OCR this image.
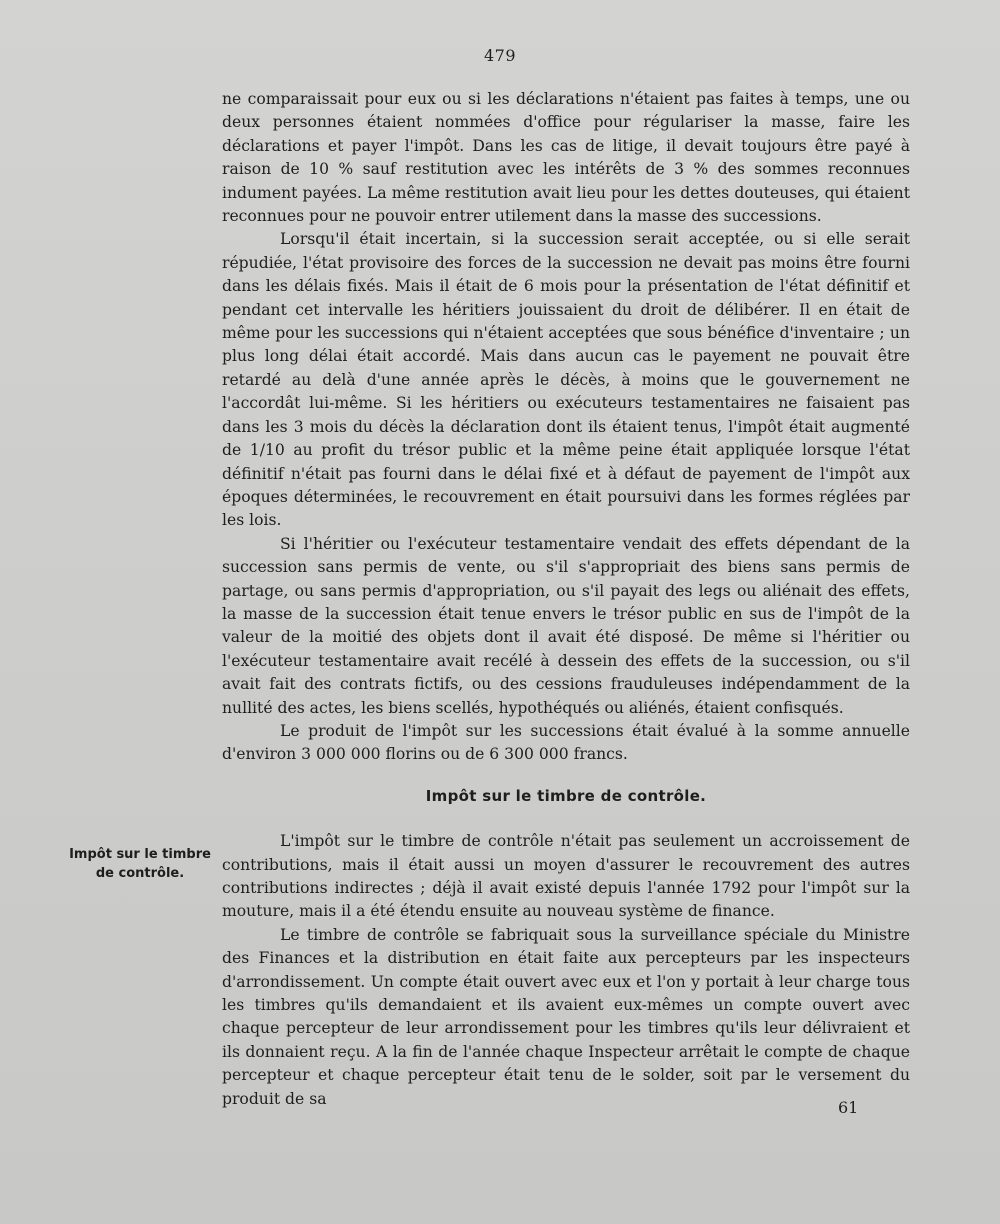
479

ne comparaissait pour eux ou si les déclarations n'étaient pas faites à temps, une ou deux personnes étaient nommées d'office pour régulariser la masse, faire les déclarations et payer l'impôt. Dans les cas de litige, il devait toujours être payé à raison de 10 % sauf restitution avec les intérêts de 3 % des sommes reconnues indument payées. La même restitution avait lieu pour les dettes douteuses, qui étaient reconnues pour ne pouvoir entrer utilement dans la masse des successions.

Lorsqu'il était incertain, si la succession serait acceptée, ou si elle serait répudiée, l'état provisoire des forces de la succession ne devait pas moins être fourni dans les délais fixés. Mais il était de 6 mois pour la présentation de l'état définitif et pendant cet intervalle les héritiers jouissaient du droit de délibérer. Il en était de même pour les successions qui n'étaient acceptées que sous bénéfice d'inventaire ; un plus long délai était accordé. Mais dans aucun cas le payement ne pouvait être retardé au delà d'une année après le décès, à moins que le gouvernement ne l'accordât lui-même. Si les héritiers ou exécuteurs testamentaires ne faisaient pas dans les 3 mois du décès la déclaration dont ils étaient tenus, l'impôt était augmenté de 1/10 au profit du trésor public et la même peine était appliquée lorsque l'état définitif n'était pas fourni dans le délai fixé et à défaut de payement de l'impôt aux époques déterminées, le recouvrement en était poursuivi dans les formes réglées par les lois.

Si l'héritier ou l'exécuteur testamentaire vendait des effets dépendant de la succession sans permis de vente, ou s'il s'appropriait des biens sans permis de partage, ou sans permis d'appropriation, ou s'il payait des legs ou aliénait des effets, la masse de la succession était tenue envers le trésor public en sus de l'impôt de la valeur de la moitié des objets dont il avait été disposé. De même si l'héritier ou l'exécuteur testamentaire avait recélé à dessein des effets de la succession, ou s'il avait fait des contrats fictifs, ou des cessions frauduleuses indépendamment de la nullité des actes, les biens scellés, hypothéqués ou aliénés, étaient confisqués.

Le produit de l'impôt sur les successions était évalué à la somme annuelle d'environ 3 000 000 florins ou de 6 300 000 francs.

Impôt sur le timbre de contrôle.

L'impôt sur le timbre de contrôle n'était pas seulement un accroissement de contributions, mais il était aussi un moyen d'assurer le recouvrement des autres contributions indirectes ; déjà il avait existé depuis l'année 1792 pour l'impôt sur la mouture, mais il a été étendu ensuite au nouveau système de finance.

Le timbre de contrôle se fabriquait sous la surveillance spéciale du Ministre des Finances et la distribution en était faite aux percepteurs par les inspecteurs d'arrondissement. Un compte était ouvert avec eux et l'on y portait à leur charge tous les timbres qu'ils demandaient et ils avaient eux-mêmes un compte ouvert avec chaque percepteur de leur arrondissement pour les timbres qu'ils leur délivraient et ils donnaient reçu. A la fin de l'année chaque Inspecteur arrêtait le compte de chaque percepteur et chaque percepteur était tenu de le solder, soit par le versement du produit de sa

Impôt sur le timbre de contrôle.
61
